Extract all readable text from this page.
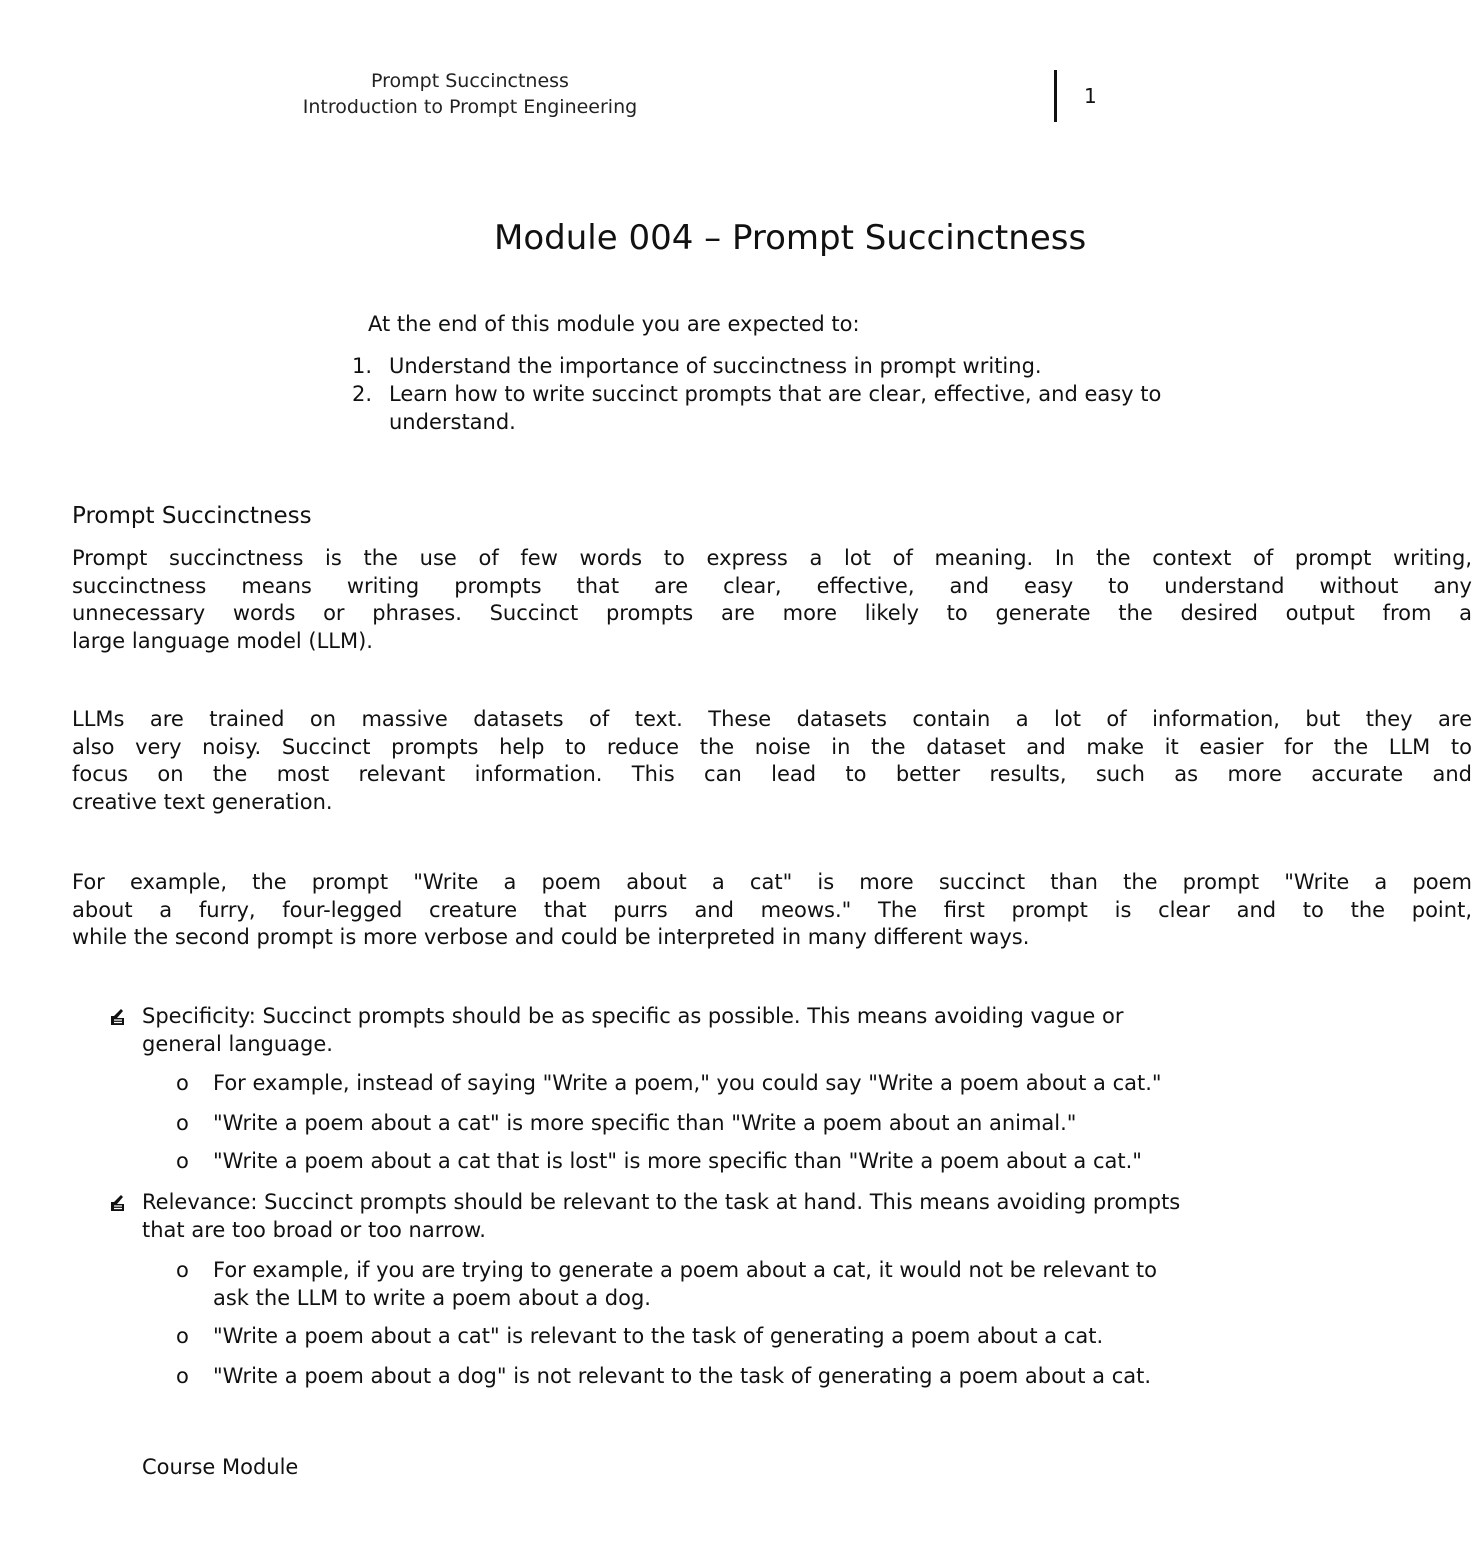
Prompt Succinctness
Introduction to Prompt Engineering	1
Module 004 – Prompt Succinctness
At the end of this module you are expected to:
1. Understand the importance of succinctness in prompt writing.
2. Learn how to write succinct prompts that are clear, effective, and easy to
understand.
Prompt Succinctness
Prompt succinctness is the use of few words to express a lot of meaning. In the context of prompt writing,
succinctness means writing prompts that are clear, effective, and easy to understand without any
unnecessary words or phrases. Succinct prompts are more likely to generate the desired output from a
large language model (LLM).
LLMs are trained on massive datasets of text. These datasets contain a lot of information, but they are
also very noisy. Succinct prompts help to reduce the noise in the dataset and make it easier for the LLM to
focus on the most relevant information. This can lead to better results, such as more accurate and
creative text generation.
For example, the prompt "Write a poem about a cat" is more succinct than the prompt "Write a poem
about a furry, four-legged creature that purrs and meows." The first prompt is clear and to the point,
while the second prompt is more verbose and could be interpreted in many different ways.
Specificity: Succinct prompts should be as specific as possible. This means avoiding vague or
general language.
o For example, instead of saying "Write a poem," you could say "Write a poem about a cat."
o "Write a poem about a cat" is more specific than "Write a poem about an animal."
o "Write a poem about a cat that is lost" is more specific than "Write a poem about a cat."
Relevance: Succinct prompts should be relevant to the task at hand. This means avoiding prompts
that are too broad or too narrow.
o For example, if you are trying to generate a poem about a cat, it would not be relevant to
ask the LLM to write a poem about a dog.
o "Write a poem about a cat" is relevant to the task of generating a poem about a cat.
o "Write a poem about a dog" is not relevant to the task of generating a poem about a cat.
Course Module
